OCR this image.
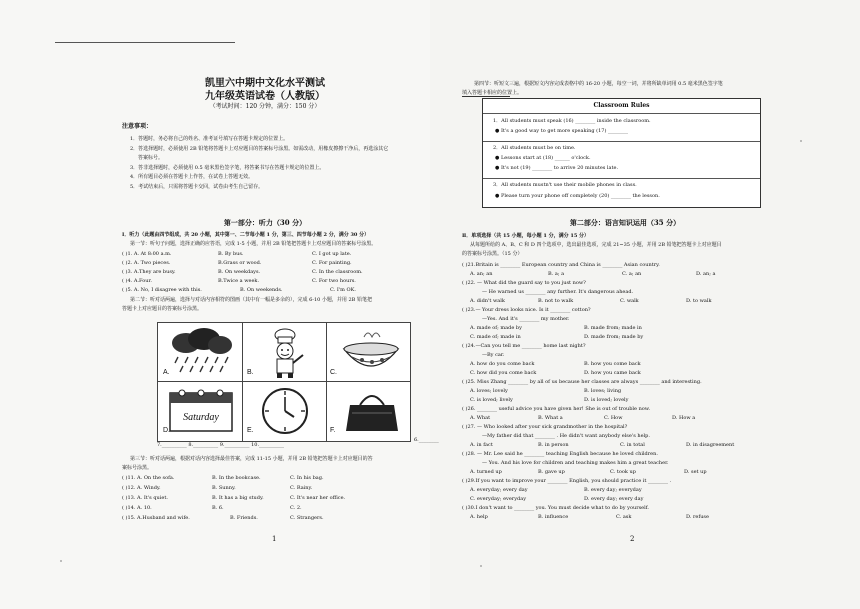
凯里六中期中文化水平测试
九年级英语试卷（人教版）
（考试时间：120 分钟，满分：150 分）
注意事项：
1．答题时，务必将自己的姓名、准考证号填写在答题卡规定的位置上。
2．答选择题时，必须使用 2B 铅笔将答题卡上对应题目的答案标号涂黑。如需改动，用橡皮擦擦干净后，再选涂其它
答案标号。
3．答非选择题时，必须使用 0.5 毫米黑色签字笔，将答案书写在答题卡规定的位置上。
4．所有题目必须在答题卡上作答，在试卷上答题无效。
5．考试结束后，只需将答题卡交回，试卷由考生自己留存。
第一部分：听力（30 分）
Ⅰ．听力（此题由四节组成，共 20 小题，其中第一、二节每小题 1 分，第三、四节每小题 2 分，满分 30 分）
第一节：听句子问题，选择正确的应答语，完成 1-5 小题，并用 2B 铅笔把答题卡上对应题目的答案标号涂黑。
( )1. A. At 8:00 a.m.	B. By bus.	C. I got up late.
( )2. A. Two pieces.	B.Grass or wood.	C. For painting.
( )3. A.They are busy.	B. On weekdays.	C. In the classroom.
( )4. A.Four.	B.Twice a week.	C. For two hours.
( )5. A. No, I disagree with this.	B. On weekends.	C. I'm OK.
第二节：听对话两遍，选择与对话内容相符的图画（其中有一幅是多余的），完成 6-10 小题，并用 2B 铅笔把
答题卡上对应题目的答案标号涂黑。
A.	B.	C.
Saturday
D.	E.	F.
7.__________ 8.__________ 9.__________ 10.__________
6.________
第三节：听对话两遍，根据对话内容选择最佳答案，完成 11-15 小题，并用 2B 铅笔把答题卡上对应题目的答
案标号涂黑。
( )11. A. On the sofa.	B. In the bookcase.	C. In his bag.
( )12. A. Windy.	B. Sunny.	C. Rainy.
( )13. A. It's quiet.	B. It has a big study.	C. It's near her office.
( )14. A. 10.	B. 6.	C. 2.
( )15. A.Husband and wife.	B. Friends.	C. Strangers.
1
第四节：听短文三遍，根据短文内容完成表格中的 16-20 小题，每空一词，并将所缺单词用 0.5 毫米黑色签字笔
填入答题卡相应的位置上。
Classroom Rules
1．All students must speak (16) ________ inside the classroom.
● It's a good way to get more speaking (17) ________
2．All students must be on time.
● Lessons start at (18) ______ o'clock.
● It's not (19) ________ to arrive 20 minutes late.
3．All students mustn't use their mobile phones in class.
● Please turn your phone off completely (20) ________ the lesson.
第二部分：语言知识运用（35 分）
Ⅱ．单项选择（共 15 小题，每小题 1 分，满分 15 分）
从每题所给的 A、B、C 和 D 四个选项中，选出最佳选项，完成 21~35 小题，并用 2B 铅笔把答题卡上对应题目
的答案标号涂黑。（15 分）
( )21.Britain is ________ European country and China is ________ Asian country.
A. an; an	B. a; a	C. a; an	D. an; a
( )22. — What did the guard say to you just now?
— He warned us ________ any further. It's dangerous ahead.
A. didn't walk	B. not to walk	C. walk	D. to walk
( )23.— Your dress looks nice. Is it ________ cotton?
—Yes. And it's ________ my mother.
A. made of; made by	B. made from; made in
C. made of; made in	D. made from; made by
( )24.—Can you tell me ________ home last night?
—By car.
A. how do you come back	B. how you come back
C. how did you come back	D. how you came back
( )25. Miss Zhang ________ by all of us because her classes are always ________ and interesting.
A. loves; lovely	B. loves; living
C. is loved; lively	D. is loved; lovely
( )26. ________ useful advice you have given her! She is out of trouble now.
A. What	B. What a	C. How	D. How a
( )27. — Who looked after your sick grandmother in the hospital?
—My father did that ________ . He didn't want anybody else's help.
A. in fact	B. in person	C. in total	D. in disagreement
( )28. — Mr. Lee said he ________ teaching English because he loved children.
— You. And his love for children and teaching makes him a great teacher.
A. turned up	B. gave up	C. took up	D. set up
( )29.If you want to improve your ________ English, you should practice it ________ .
A. everyday; every day	B. every day; everyday
C. everyday; everyday	D. every day; every day
( )30.I don't want to ________ you. You must decide what to do by yourself.
A. help	B. influence	C. ask	D. refuse
2
